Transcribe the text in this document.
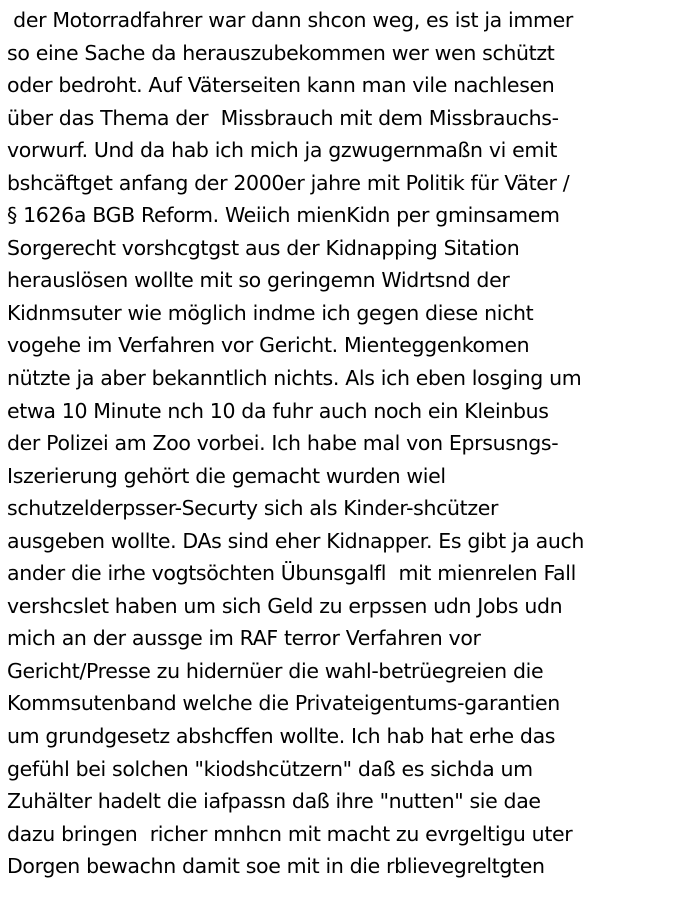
der Motorradfahrer war dann shcon weg, es ist ja immer
so eine Sache da herauszubekommen wer wen schützt
oder bedroht. Auf Väterseiten kann man vile nachlesen
über das Thema der  Missbrauch mit dem Missbrauchs-
vorwurf. Und da hab ich mich ja gzwugernmaßn vi emit
bshcäftget anfang der 2000er jahre mit Politik für Väter /
§ 1626a BGB Reform. Weiich mienKidn per gminsamem
Sorgerecht vorshcgtgst aus der Kidnapping Sitation
herauslösen wollte mit so geringemn Widrtsnd der
Kidnmsuter wie möglich indme ich gegen diese nicht
vogehe im Verfahren vor Gericht. Mienteggenkomen
nützte ja aber bekanntlich nichts. Als ich eben losging um
etwa 10 Minute nch 10 da fuhr auch noch ein Kleinbus
der Polizei am Zoo vorbei. Ich habe mal von Eprsusngs-
Iszerierung gehört die gemacht wurden wiel
schutzelderpsser-Securty sich als Kinder-shcützer
ausgeben wollte. DAs sind eher Kidnapper. Es gibt ja auch
ander die irhe vogtsöchten Übunsgalfl  mit mienrelen Fall
vershcslet haben um sich Geld zu erpssen udn Jobs udn
mich an der aussge im RAF terror Verfahren vor
Gericht/Presse zu hidernüer die wahl-betrüegreien die
Kommsutenband welche die Privateigentums-garantien
um grundgesetz abshcffen wollte. Ich hab hat erhe das
gefühl bei solchen "kiodshcützern" daß es sichda um
Zuhälter hadelt die iafpassn daß ihre "nutten" sie dae
dazu bringen  richer mnhcn mit macht zu evrgeltigu uter
Dorgen bewachn damit soe mit in die rblievegreltgten
